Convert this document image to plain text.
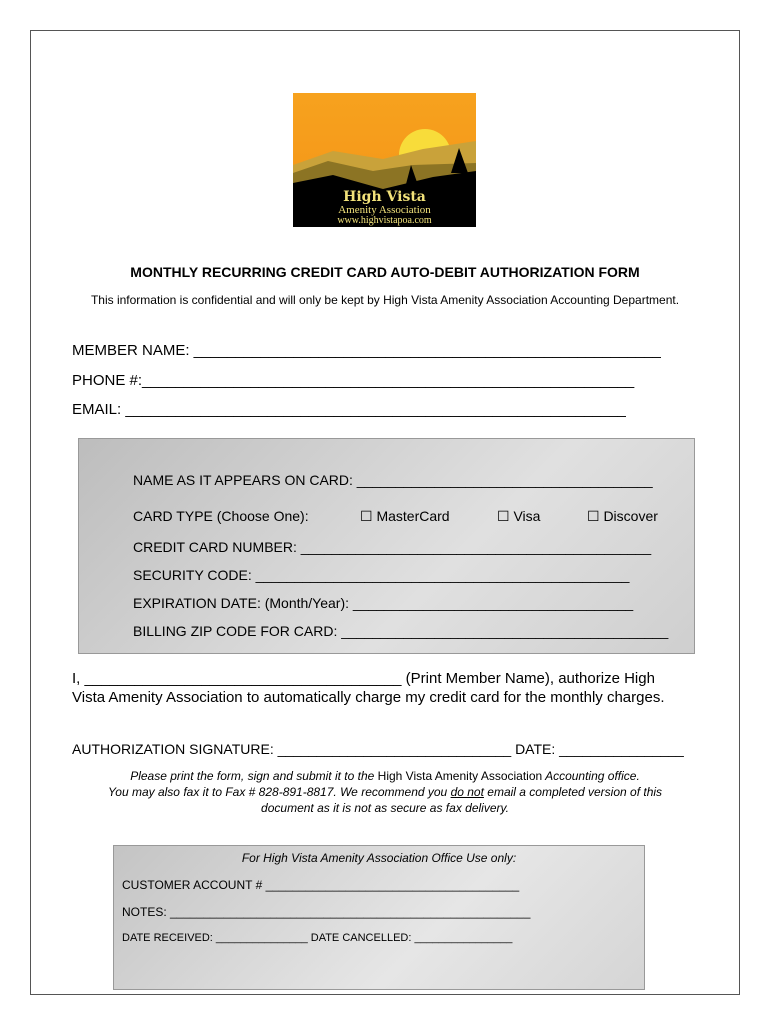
High Vista
Amenity Association
www.highvistapoa.com
MONTHLY RECURRING CREDIT CARD AUTO-DEBIT AUTHORIZATION FORM
This information is confidential and will only be kept by High Vista Amenity Association Accounting Department.
MEMBER NAME: ________________________________________________________
PHONE #:___________________________________________________________
EMAIL: ____________________________________________________________
NAME AS IT APPEARS ON CARD: ______________________________________
CARD TYPE (Choose One):	☐ MasterCard	☐ Visa	☐ Discover
CREDIT CARD NUMBER: _____________________________________________
SECURITY CODE: ________________________________________________
EXPIRATION DATE: (Month/Year): ____________________________________
BILLING ZIP CODE FOR CARD: __________________________________________
I, ______________________________________ (Print Member Name), authorize High
Vista Amenity Association to automatically charge my credit card for the monthly charges.
AUTHORIZATION SIGNATURE: ______________________________ DATE: ________________
Please print the form, sign and submit it to the High Vista Amenity Association Accounting office.
You may also fax it to Fax # 828-891-8817. We recommend you do not email a completed version of this
document as it is not as secure as fax delivery.
For High Vista Amenity Association Office Use only:
CUSTOMER ACCOUNT # ______________________________________
NOTES: ______________________________________________________
DATE RECEIVED: _______________ DATE CANCELLED: ________________
